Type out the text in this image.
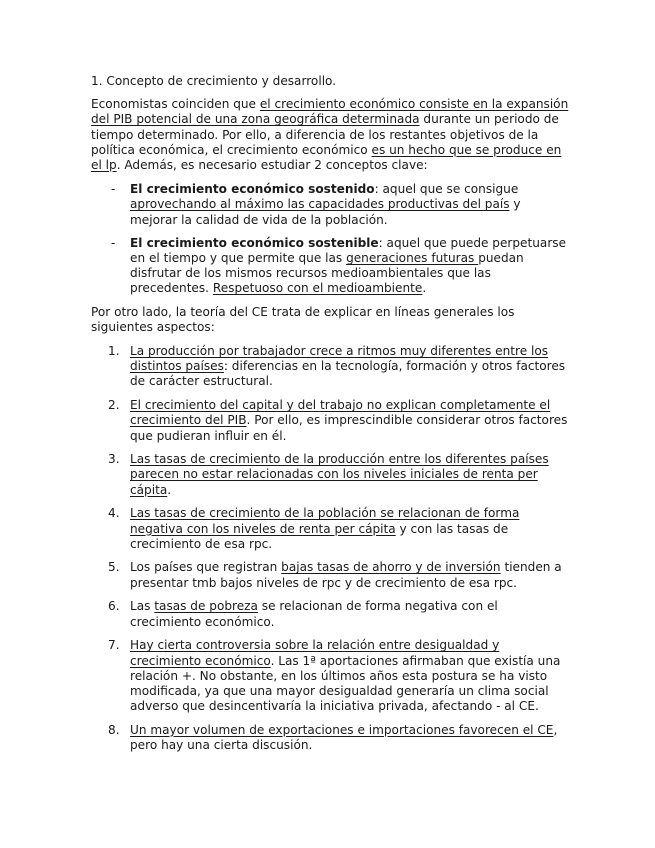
1. Concepto de crecimiento y desarrollo.

Economistas coinciden que el crecimiento económico consiste en la expansión del PIB potencial de una zona geográfica determinada durante un periodo de tiempo determinado. Por ello, a diferencia de los restantes objetivos de la política económica, el crecimiento económico es un hecho que se produce en el lp. Además, es necesario estudiar 2 conceptos clave:

- El crecimiento económico sostenido: aquel que se consigue aprovechando al máximo las capacidades productivas del país y mejorar la calidad de vida de la población.
- El crecimiento económico sostenible: aquel que puede perpetuarse en el tiempo y que permite que las generaciones futuras puedan disfrutar de los mismos recursos medioambientales que las precedentes. Respetuoso con el medioambiente.

Por otro lado, la teoría del CE trata de explicar en líneas generales los siguientes aspectos:

1. La producción por trabajador crece a ritmos muy diferentes entre los distintos países: diferencias en la tecnología, formación y otros factores de carácter estructural.
2. El crecimiento del capital y del trabajo no explican completamente el crecimiento del PIB. Por ello, es imprescindible considerar otros factores que pudieran influir en él.
3. Las tasas de crecimiento de la producción entre los diferentes países parecen no estar relacionadas con los niveles iniciales de renta per cápita.
4. Las tasas de crecimiento de la población se relacionan de forma negativa con los niveles de renta per cápita y con las tasas de crecimiento de esa rpc.
5. Los países que registran bajas tasas de ahorro y de inversión tienden a presentar tmb bajos niveles de rpc y de crecimiento de esa rpc.
6. Las tasas de pobreza se relacionan de forma negativa con el crecimiento económico.
7. Hay cierta controversia sobre la relación entre desigualdad y crecimiento económico. Las 1ª aportaciones afirmaban que existía una relación +. No obstante, en los últimos años esta postura se ha visto modificada, ya que una mayor desigualdad generaría un clima social adverso que desincentivaría la iniciativa privada, afectando - al CE.
8. Un mayor volumen de exportaciones e importaciones favorecen el CE, pero hay una cierta discusión.
